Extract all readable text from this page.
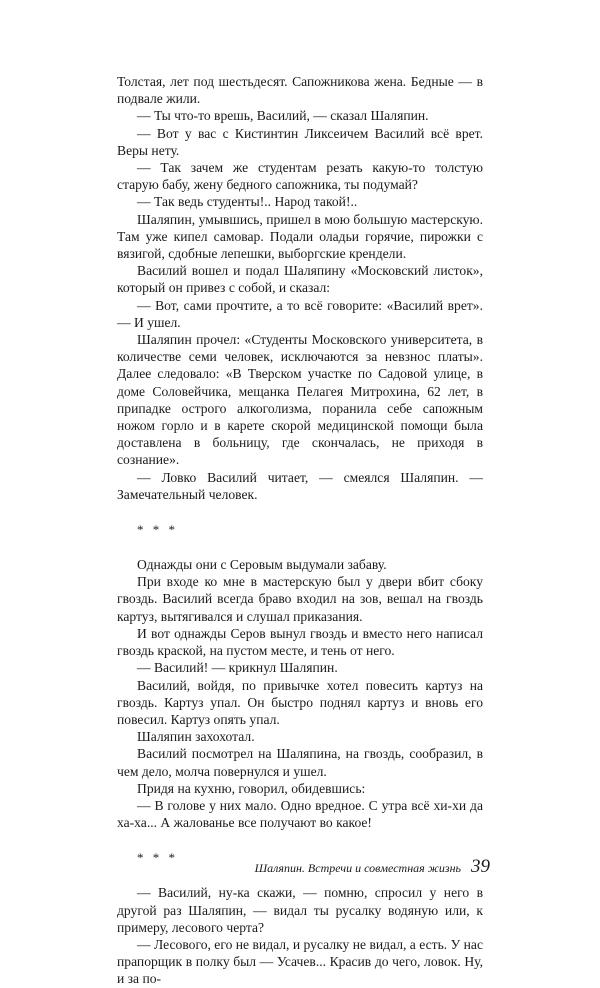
Толстая, лет под шестьдесят. Сапожникова жена. Бедные — в подвале жили.

— Ты что-то врешь, Василий, — сказал Шаляпин.

— Вот у вас с Кистинтин Ликсеичем Василий всё врет. Веры нету.

— Так зачем же студентам резать какую-то толстую старую бабу, жену бедного сапожника, ты подумай?

— Так ведь студенты!.. Народ такой!..

Шаляпин, умывшись, пришел в мою большую мастерскую. Там уже кипел самовар. Подали оладьи горячие, пирожки с вязигой, сдобные лепешки, выборгские крендели.

Василий вошел и подал Шаляпину «Московский листок», который он привез с собой, и сказал:

— Вот, сами прочтите, а то всё говорите: «Василий врет». — И ушел.

Шаляпин прочел: «Студенты Московского университета, в количестве семи человек, исключаются за невзнос платы». Далее следовало: «В Тверском участке по Садовой улице, в доме Соловейчика, мещанка Пелагея Митрохина, 62 лет, в припадке острого алкоголизма, поранила себе сапожным ножом горло и в карете скорой медицинской помощи была доставлена в больницу, где скончалась, не приходя в сознание».

— Ловко Василий читает, — смеялся Шаляпин. — Замечательный человек.

* * *

Однажды они с Серовым выдумали забаву.

При входе ко мне в мастерскую был у двери вбит сбоку гвоздь. Василий всегда браво входил на зов, вешал на гвоздь картуз, вытягивался и слушал приказания.

И вот однажды Серов вынул гвоздь и вместо него написал гвоздь краской, на пустом месте, и тень от него.

— Василий! — крикнул Шаляпин.

Василий, войдя, по привычке хотел повесить картуз на гвоздь. Картуз упал. Он быстро поднял картуз и вновь его повесил. Картуз опять упал.

Шаляпин захохотал.

Василий посмотрел на Шаляпина, на гвоздь, сообразил, в чем дело, молча повернулся и ушел.

Придя на кухню, говорил, обидевшись:

— В голове у них мало. Одно вредное. С утра всё хи-хи да ха-ха... А жалованье все получают во какое!

* * *

— Василий, ну-ка скажи, — помню, спросил у него в другой раз Шаляпин, — видал ты русалку водяную или, к примеру, лесового черта?

— Лесового, его не видал, и русалку не видал, а есть. У нас прапорщик в полку был — Усачев... Красив до чего, ловок. Ну, и за по-

Шаляпин. Встречи и совместная жизнь 39
